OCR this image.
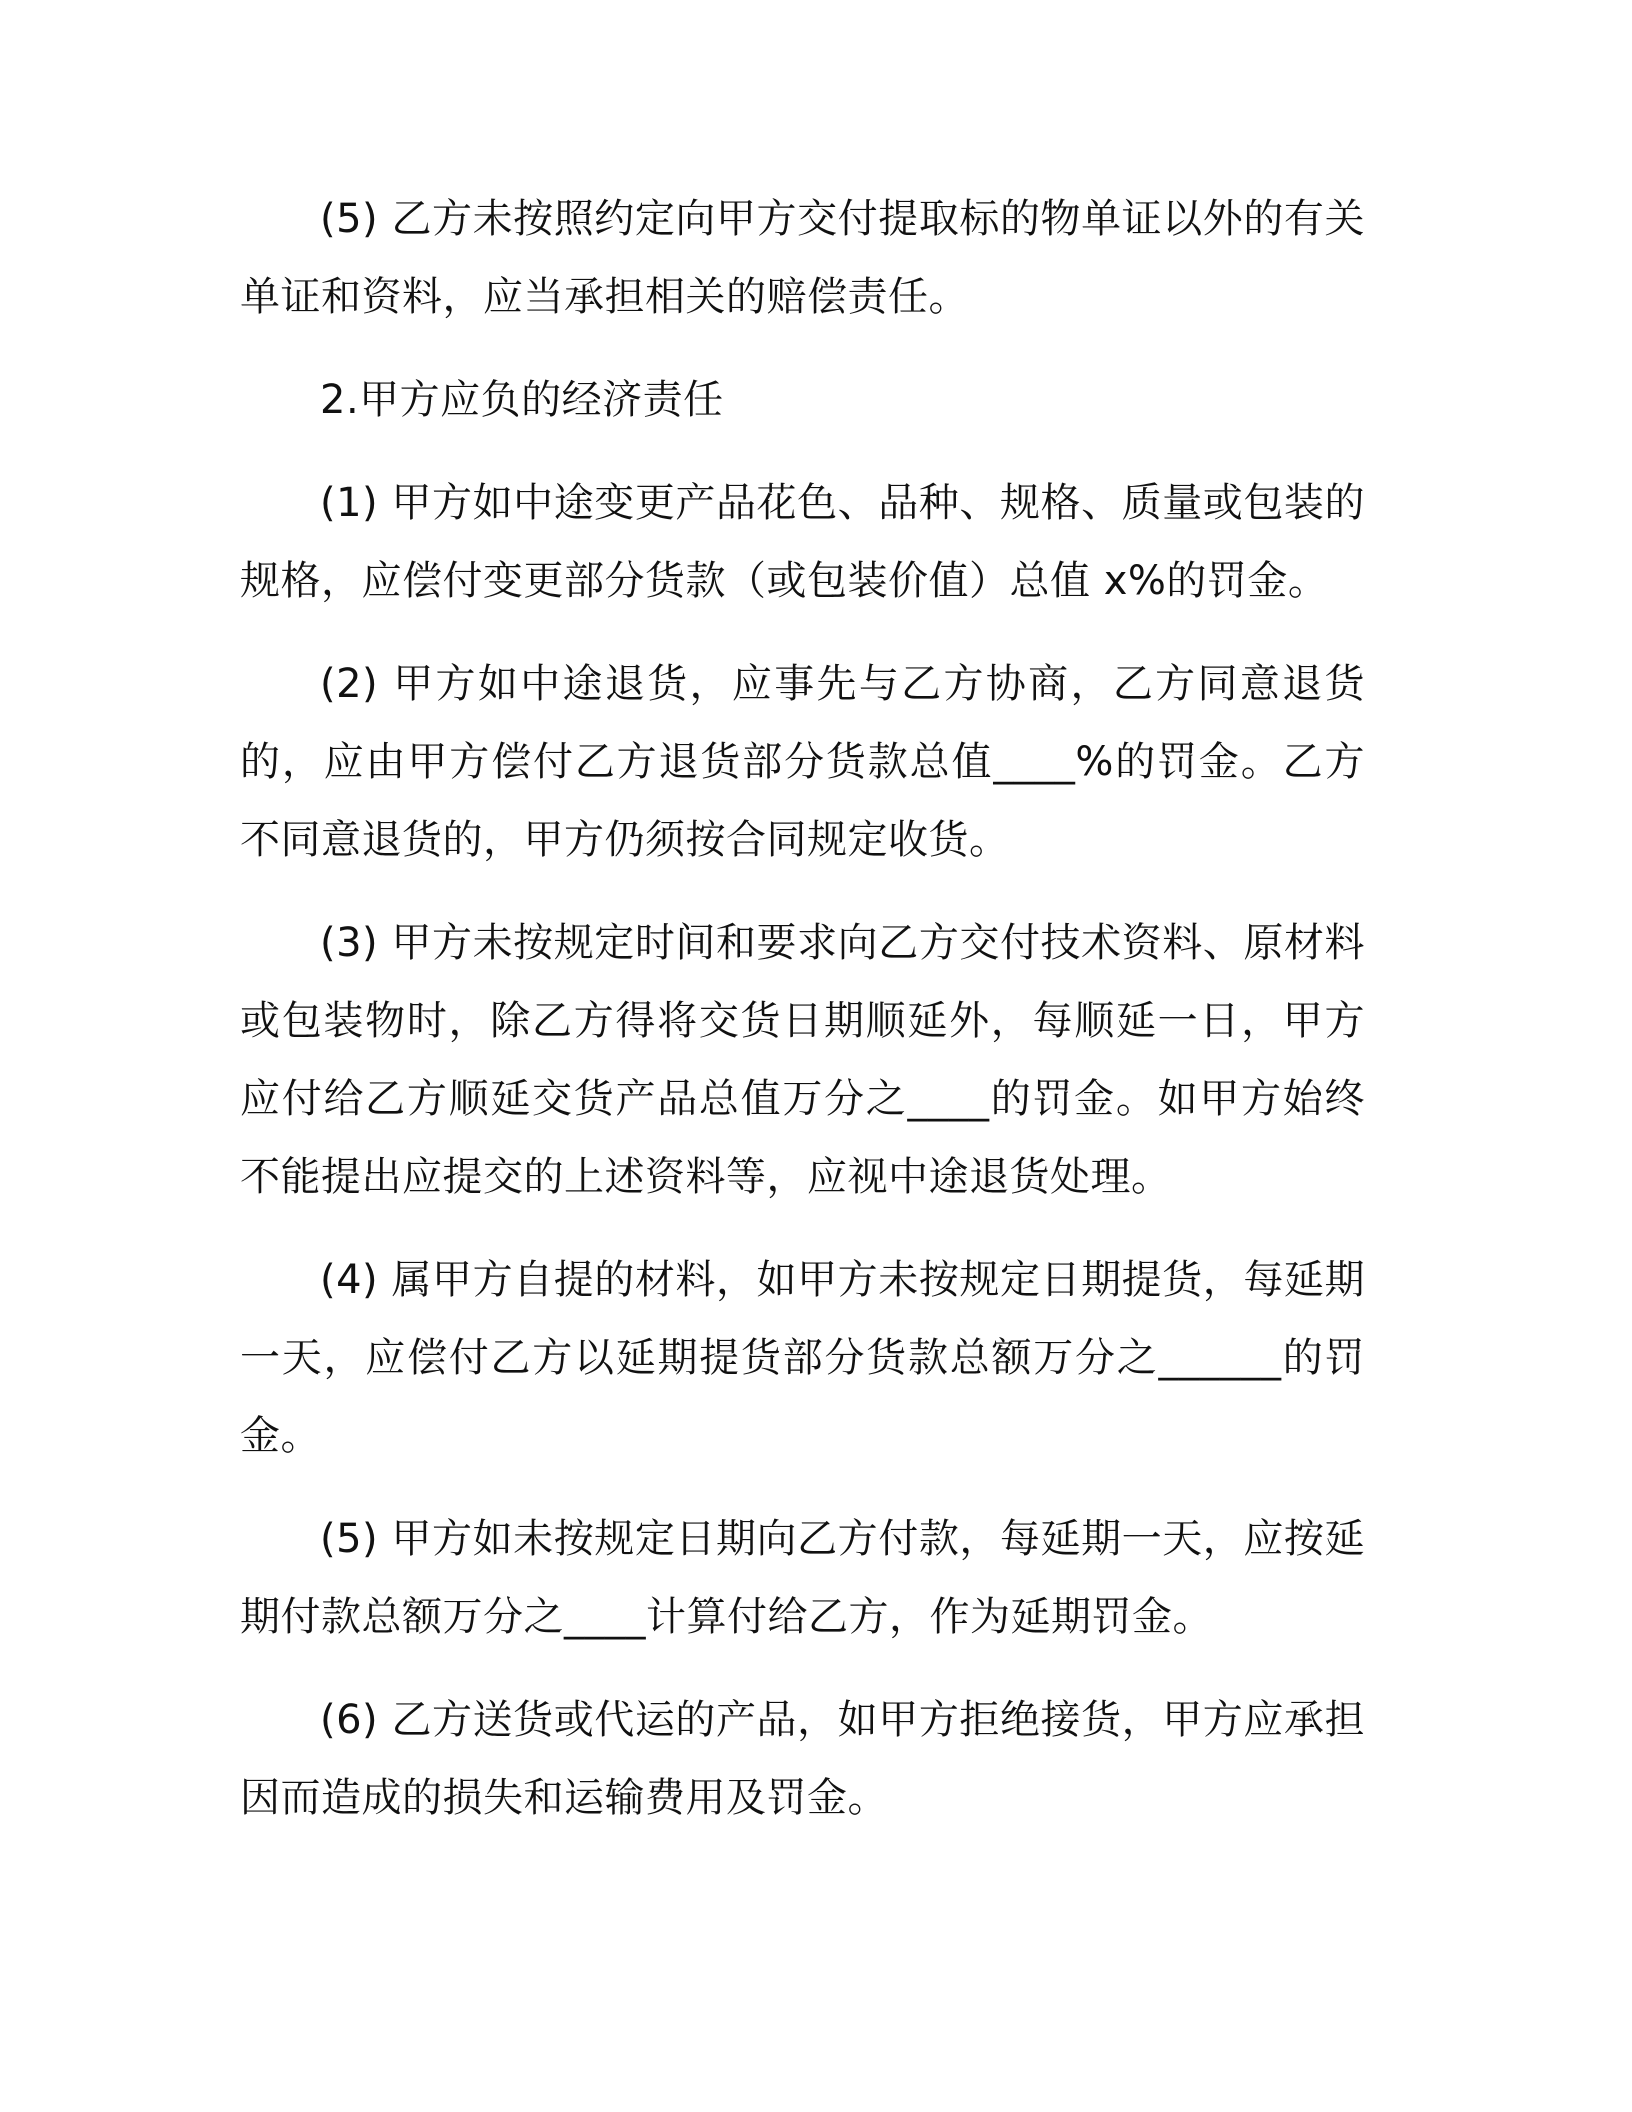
(5) 乙方未按照约定向甲方交付提取标的物单证以外的有关单证和资料，应当承担相关的赔偿责任。

2.甲方应负的经济责任

(1) 甲方如中途变更产品花色、品种、规格、质量或包装的规格，应偿付变更部分货款（或包装价值）总值 x%的罚金。

(2) 甲方如中途退货，应事先与乙方协商，乙方同意退货的，应由甲方偿付乙方退货部分货款总值____%的罚金。乙方不同意退货的，甲方仍须按合同规定收货。

(3) 甲方未按规定时间和要求向乙方交付技术资料、原材料或包装物时，除乙方得将交货日期顺延外，每顺延一日，甲方应付给乙方顺延交货产品总值万分之____的罚金。如甲方始终不能提出应提交的上述资料等，应视中途退货处理。

(4) 属甲方自提的材料，如甲方未按规定日期提货，每延期一天，应偿付乙方以延期提货部分货款总额万分之______的罚金。

(5) 甲方如未按规定日期向乙方付款，每延期一天，应按延期付款总额万分之____计算付给乙方，作为延期罚金。

(6) 乙方送货或代运的产品，如甲方拒绝接货，甲方应承担因而造成的损失和运输费用及罚金。
